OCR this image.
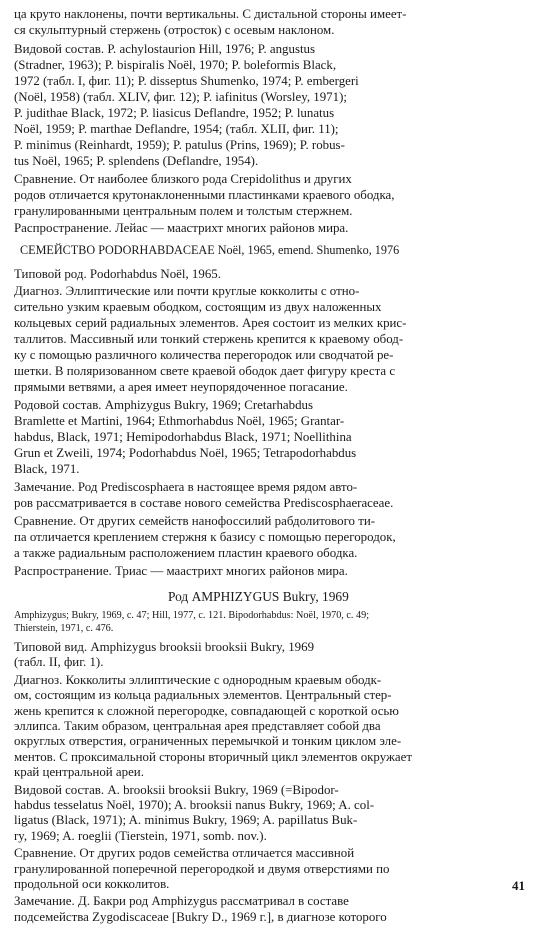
ца круто наклонены, почти вертикальны. С дистальной стороны имеет-
ся скульптурный стержень (отросток) с осевым наклоном.
Видовой состав. P. achylostaurion Hill, 1976; P. angustus
(Stradner, 1963); P. bispiralis Noël, 1970; P. boleformis Black,
1972 (табл. I, фиг. 11); P. disseptus Shumenko, 1974; P. embergeri
(Noël, 1958) (табл. XLIV, фиг. 12); P. iafinitus (Worsley, 1971);
P. judithae Black, 1972; P. liasicus Deflandre, 1952; P. lunatus
Noël, 1959; P. marthae Deflandre, 1954; (табл. XLII, фиг. 11);
P. minimus (Reinhardt, 1959); P. patulus (Prins, 1969); P. robus-
tus Noël, 1965; P. splendens (Deflandre, 1954).
Сравнение. От наиболее близкого рода Crepidolithus и других
родов отличается крутонаклоненными пластинками краевого ободка,
гранулированными центральным полем и толстым стержнем.
Распространение. Лейас — маастрихт многих районов мира.
СЕМЕЙСТВО PODORHABDACEAE Noël, 1965, emend. Shumenko, 1976
Типовой род. Podorhabdus Noël, 1965.
Диагноз. Эллиптические или почти круглые кокколиты с отно-
сительно узким краевым ободком, состоящим из двух наложенных
кольцевых серий радиальных элементов. Арея состоит из мелких крис-
таллитов. Массивный или тонкий стержень крепится к краевому обод-
ку с помощью различного количества перегородок или сводчатой ре-
шетки. В поляризованном свете краевой ободок дает фигуру креста с
прямыми ветвями, а арея имеет неупорядоченное погасание.
Родовой состав. Amphizygus Bukry, 1969; Cretarhabdus
Bramlette et Martini, 1964; Ethmorhabdus Noël, 1965; Grantar-
habdus, Black, 1971; Hemipodorhabdus Black, 1971; Noellithina
Grun et Zweili, 1974; Podorhabdus Noël, 1965; Tetrapodorhabdus
Black, 1971.
Замечание. Род Prediscosphaera в настоящее время рядом авто-
ров рассматривается в составе нового семейства Prediscosphaeraceae.
Сравнение. От других семейств нанофоссилий рабдолитового ти-
па отличается креплением стержня к базису с помощью перегородок,
а также радиальным расположением пластин краевого ободка.
Распространение. Триас — маастрихт многих районов мира.
Род AMPHIZYGUS Bukry, 1969
Amphizygus; Bukry, 1969, с. 47; Hill, 1977, с. 121. Bipodorhabdus: Noël, 1970, с. 49;
Thierstein, 1971, с. 476.
Типовой вид. Amphizygus brooksii brooksii Bukry, 1969
(табл. II, фиг. 1).
Диагноз. Кокколиты эллиптические с однородным краевым ободк-
ом, состоящим из кольца радиальных элементов. Центральный стер-
жень крепится к сложной перегородке, совпадающей с короткой осью
эллипса. Таким образом, центральная арея представляет собой два
округлых отверстия, ограниченных перемычкой и тонким циклом эле-
ментов. С проксимальной стороны вторичный цикл элементов окружает
край центральной ареи.
Видовой состав. A. brooksii brooksii Bukry, 1969 (=Bipodor-
habdus tesselatus Noël, 1970); A. brooksii nanus Bukry, 1969; A. col-
ligatus (Black, 1971); A. minimus Bukry, 1969; A. papillatus Buk-
ry, 1969; A. roeglii (Tierstein, 1971, somb. nov.).
Сравнение. От других родов семейства отличается массивной
гранулированной поперечной перегородкой и двумя отверстиями по
продольной оси кокколитов.
Замечание. Д. Бакри род Amphizygus рассматривал в составе
подсемейства Zygodiscaceae [Bukry D., 1969 г.], в диагнозе которого
41
